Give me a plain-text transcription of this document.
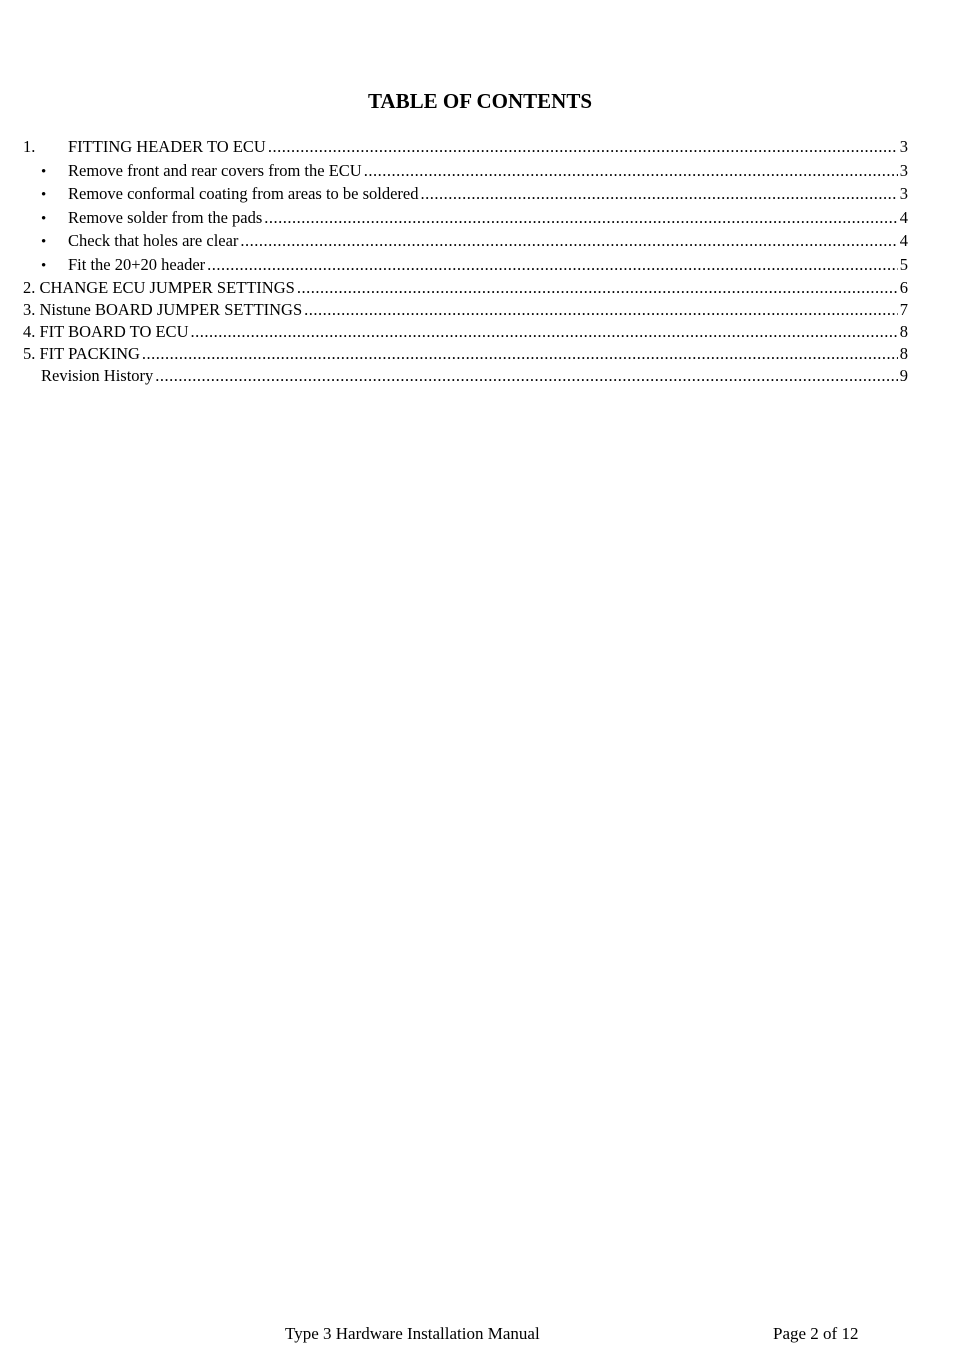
TABLE OF CONTENTS
1.	FITTING HEADER TO ECU .....	3
•	Remove front and rear covers from the ECU .....	3
•	Remove conformal coating from areas to be soldered .....	3
•	Remove solder from the pads .....	4
•	Check that holes are clear .....	4
•	Fit the 20+20 header .....	5
2. CHANGE ECU JUMPER SETTINGS .....	6
3. Nistune BOARD JUMPER SETTINGS .....	7
4. FIT BOARD TO ECU .....	8
5. FIT PACKING .....	8
Revision History .....	9
Type 3 Hardware Installation Manual	Page 2 of 12
